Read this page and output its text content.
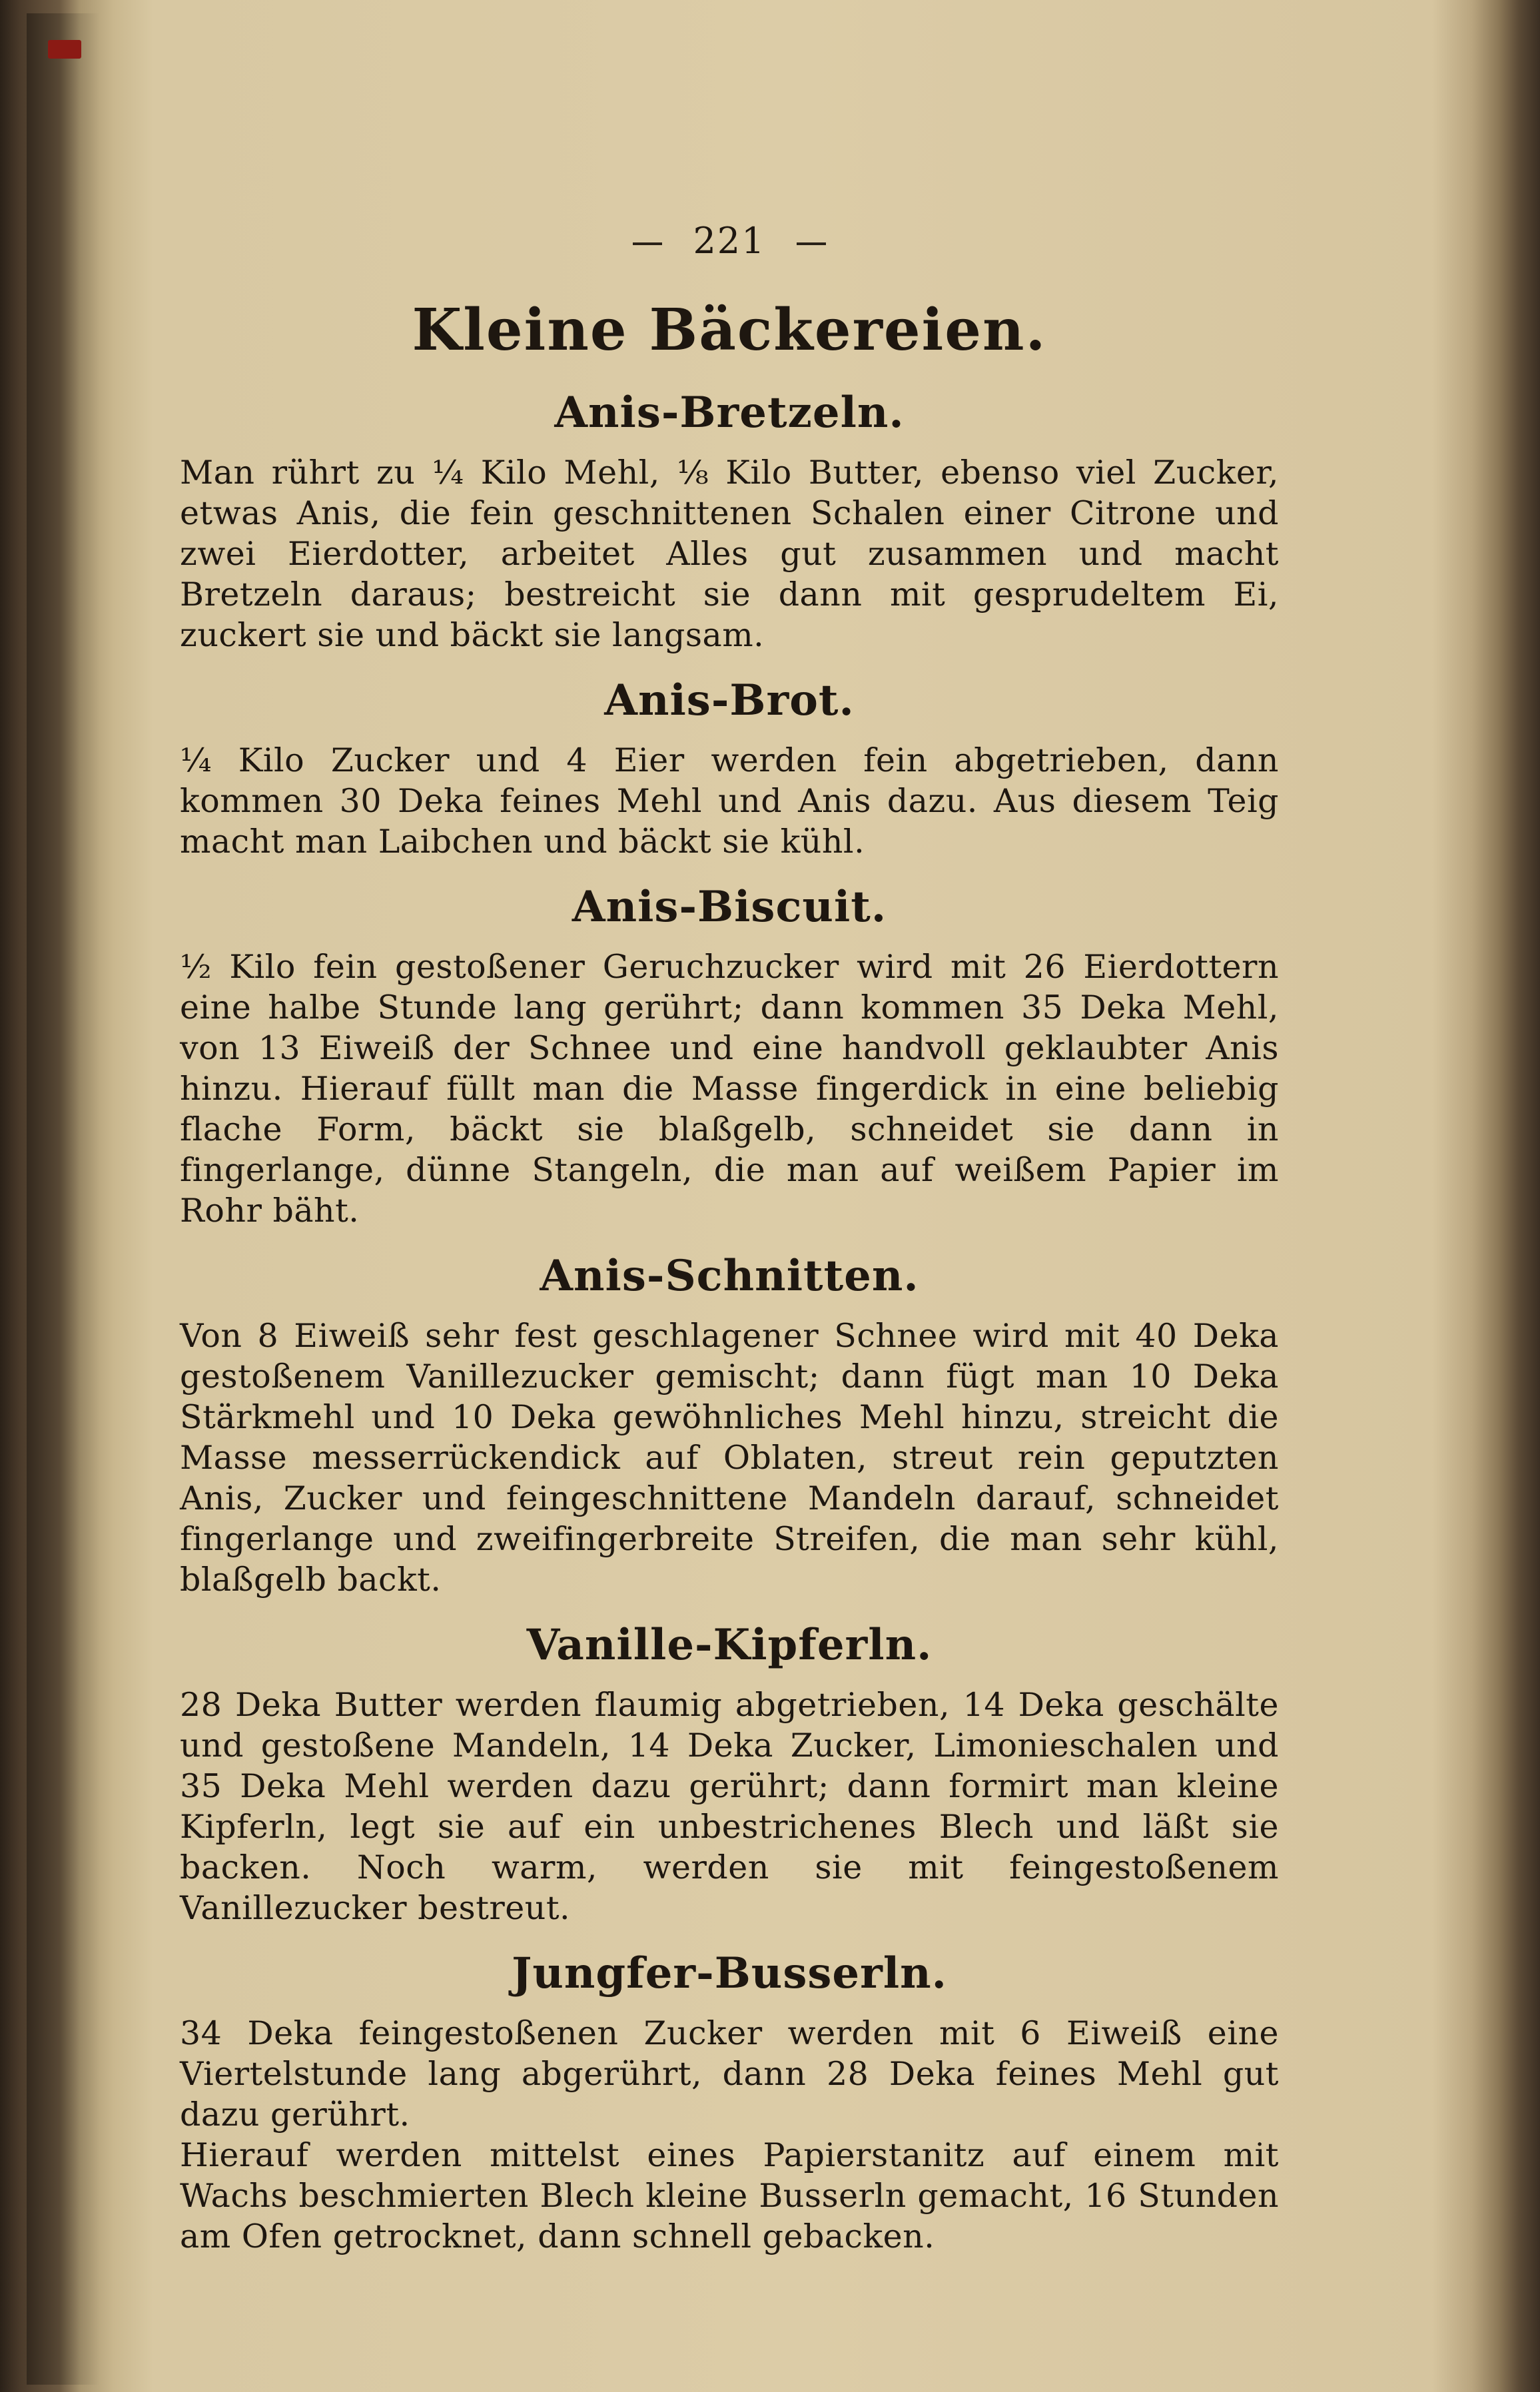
221
Kleine Bäckereien.
Anis-Bretzeln.

Man rührt zu ¼ Kilo Mehl, ⅛ Kilo Butter, ebenso viel Zucker, etwas Anis, die fein geschnittenen Schalen einer Citrone und zwei Eierdotter, arbeitet Alles gut zusammen und macht Bretzeln daraus; bestreicht sie dann mit gesprudeltem Ei, zuckert sie und bäckt sie langsam.

Anis-Brot.

¼ Kilo Zucker und 4 Eier werden fein abgetrieben, dann kommen 30 Deka feines Mehl und Anis dazu. Aus diesem Teig macht man Laibchen und bäckt sie kühl.

Anis-Biscuit.

½ Kilo fein gestoßener Geruchzucker wird mit 26 Eierdottern eine halbe Stunde lang gerührt; dann kommen 35 Deka Mehl, von 13 Eiweiß der Schnee und eine handvoll geklaubter Anis hinzu. Hierauf füllt man die Masse fingerdick in eine beliebig flache Form, bäckt sie blaßgelb, schneidet sie dann in fingerlange, dünne Stangeln, die man auf weißem Papier im Rohr bäht.

Anis-Schnitten.

Von 8 Eiweiß sehr fest geschlagener Schnee wird mit 40 Deka gestoßenem Vanillezucker gemischt; dann fügt man 10 Deka Stärkmehl und 10 Deka gewöhnliches Mehl hinzu, streicht die Masse messerrückendick auf Oblaten, streut rein geputzten Anis, Zucker und feingeschnittene Mandeln darauf, schneidet fingerlange und zweifingerbreite Streifen, die man sehr kühl, blaßgelb backt.

Vanille-Kipferln.

28 Deka Butter werden flaumig abgetrieben, 14 Deka geschälte und gestoßene Mandeln, 14 Deka Zucker, Limonieschalen und 35 Deka Mehl werden dazu gerührt; dann formirt man kleine Kipferln, legt sie auf ein unbestrichenes Blech und läßt sie backen. Noch warm, werden sie mit feingestoßenem Vanillezucker bestreut.

Jungfer-Busserln.

34 Deka feingestoßenen Zucker werden mit 6 Eiweiß eine Viertelstunde lang abgerührt, dann 28 Deka feines Mehl gut dazu gerührt.

Hierauf werden mittelst eines Papierstanitz auf einem mit Wachs beschmierten Blech kleine Busserln gemacht, 16 Stunden am Ofen getrocknet, dann schnell gebacken.
